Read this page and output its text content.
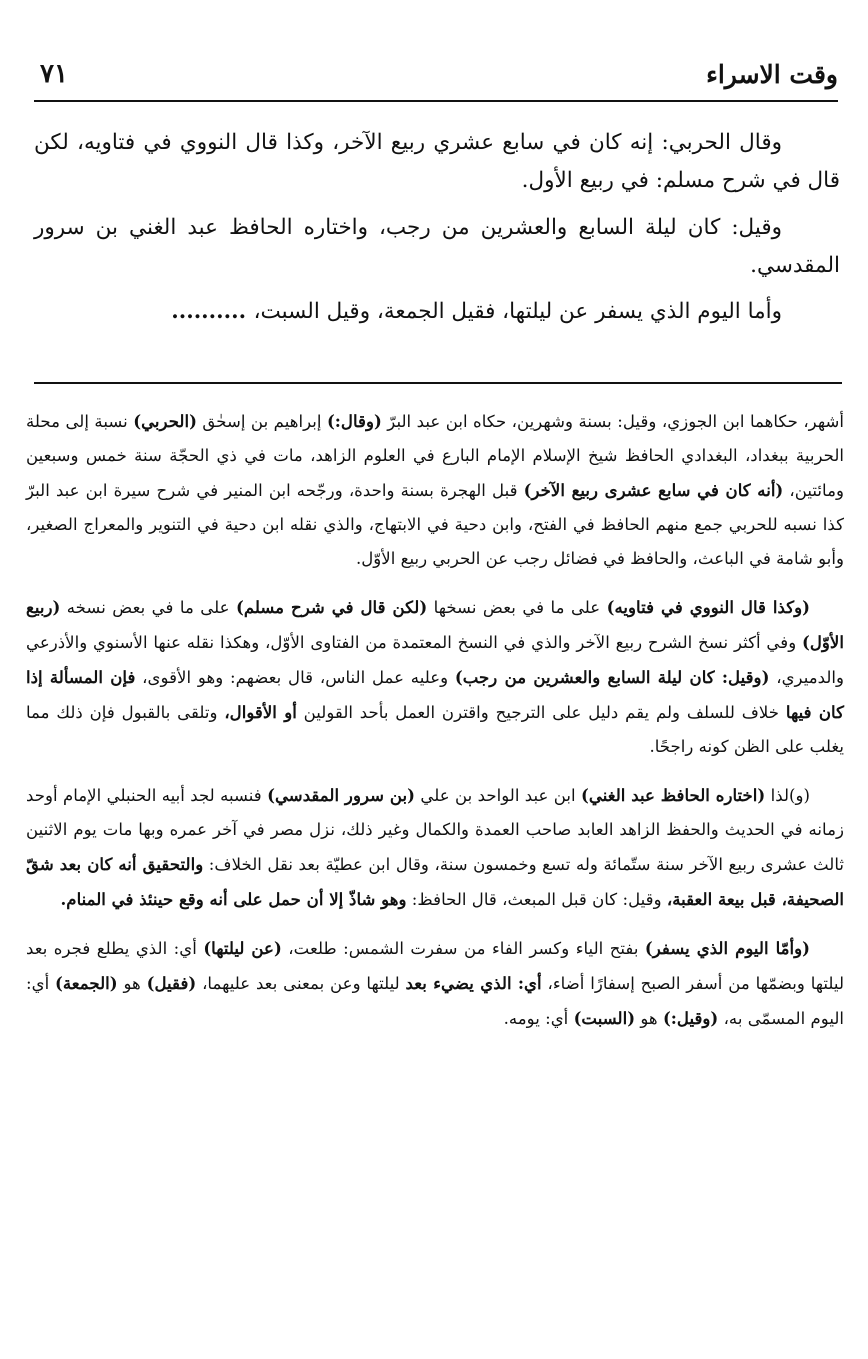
وقت الاسراء
٧١

وقال الحربي: إنه كان في سابع عشري ربيع الآخر، وكذا قال النووي في فتاويه، لكن قال في شرح مسلم: في ربيع الأول.

وقيل: كان ليلة السابع والعشرين من رجب، واختاره الحافظ عبد الغني بن سرور المقدسي.

وأما اليوم الذي يسفر عن ليلتها، فقيل الجمعة، وقيل السبت، ..........

أشهر، حكاهما ابن الجوزي، وقيل: بسنة وشهرين، حكاه ابن عبد البرّ (وقال:) إبراهيم بن إسحٰق (الحربي) نسبة إلى محلة الحربية ببغداد، البغدادي الحافظ شيخ الإسلام الإمام البارع في العلوم الزاهد، مات في ذي الحجّة سنة خمس وسبعين ومائتين، (أنه كان في سابع عشرى ربيع الآخر) قبل الهجرة بسنة واحدة، ورجّحه ابن المنير في شرح سيرة ابن عبد البرّ كذا نسبه للحربي جمع منهم الحافظ في الفتح، وابن دحية في الابتهاج، والذي نقله ابن دحية في التنوير والمعراج الصغير، وأبو شامة في الباعث، والحافظ في فضائل رجب عن الحربي ربيع الأوّل.

(وكذا قال النووي في فتاويه) على ما في بعض نسخها (لكن قال في شرح مسلم) على ما في بعض نسخه (ربيع الأوّل) وفي أكثر نسخ الشرح ربيع الآخر والذي في النسخ المعتمدة من الفتاوى الأوّل، وهكذا نقله عنها الأسنوي والأذرعي والدميري، (وقيل: كان ليلة السابع والعشرين من رجب) وعليه عمل الناس، قال بعضهم: وهو الأقوى، فإن المسألة إذا كان فيها خلاف للسلف ولم يقم دليل على الترجيح واقترن العمل بأحد القولين أو الأقوال، وتلقى بالقبول فإن ذلك مما يغلب على الظن كونه راجحًا.

(و)لذا (اختاره الحافظ عبد الغني) ابن عبد الواحد بن علي (بن سرور المقدسي) فنسبه لجد أبيه الحنبلي الإمام أوحد زمانه في الحديث والحفظ الزاهد العابد صاحب العمدة والكمال وغير ذلك، نزل مصر في آخر عمره وبها مات يوم الاثنين ثالث عشرى ربيع الآخر سنة ستّمائة وله تسع وخمسون سنة، وقال ابن عطيّة بعد نقل الخلاف: والتحقيق أنه كان بعد شقّ الصحيفة، قبل بيعة العقبة، وقيل: كان قبل المبعث، قال الحافظ: وهو شاذّ إلا أن حمل على أنه وقع حينئذ في المنام.

(وأمّا اليوم الذي يسفر) بفتح الياء وكسر الفاء من سفرت الشمس: طلعت، (عن ليلتها) أي: الذي يطلع فجره بعد ليلتها وبضمّها من أسفر الصبح إسفارًا أضاء، أي: الذي يضيء بعد ليلتها وعن بمعنى بعد عليهما، (فقيل) هو (الجمعة) أي: اليوم المسمّى به، (وقيل:) هو (السبت) أي: يومه.
